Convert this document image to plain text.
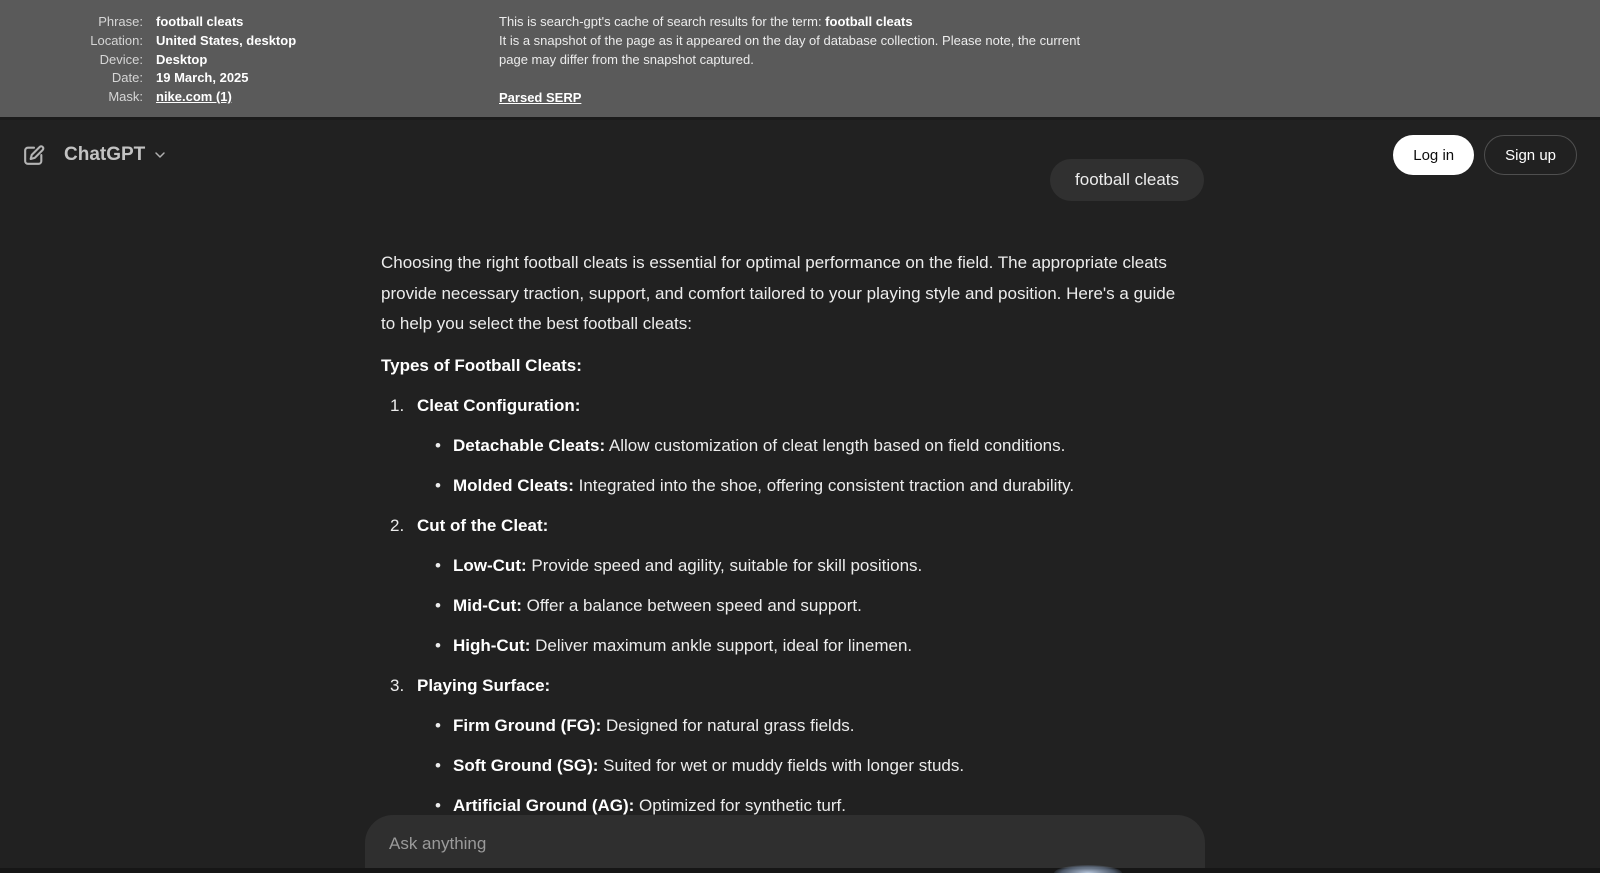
Phrase: football cleats
Location: United States, desktop
Device: Desktop
Date: 19 March, 2025
Mask: nike.com (1)
This is search-gpt's cache of search results for the term: football cleats
It is a snapshot of the page as it appeared on the day of database collection. Please note, the current page may differ from the snapshot captured.
Parsed SERP
ChatGPT	Log in	Sign up
football cleats
Choosing the right football cleats is essential for optimal performance on the field. The appropriate cleats provide necessary traction, support, and comfort tailored to your playing style and position. Here's a guide to help you select the best football cleats:
Types of Football Cleats:
1. Cleat Configuration:
• Detachable Cleats: Allow customization of cleat length based on field conditions.
• Molded Cleats: Integrated into the shoe, offering consistent traction and durability.
2. Cut of the Cleat:
• Low-Cut: Provide speed and agility, suitable for skill positions.
• Mid-Cut: Offer a balance between speed and support.
• High-Cut: Deliver maximum ankle support, ideal for linemen.
3. Playing Surface:
• Firm Ground (FG): Designed for natural grass fields.
• Soft Ground (SG): Suited for wet or muddy fields with longer studs.
• Artificial Ground (AG): Optimized for synthetic turf.
Ask anything
